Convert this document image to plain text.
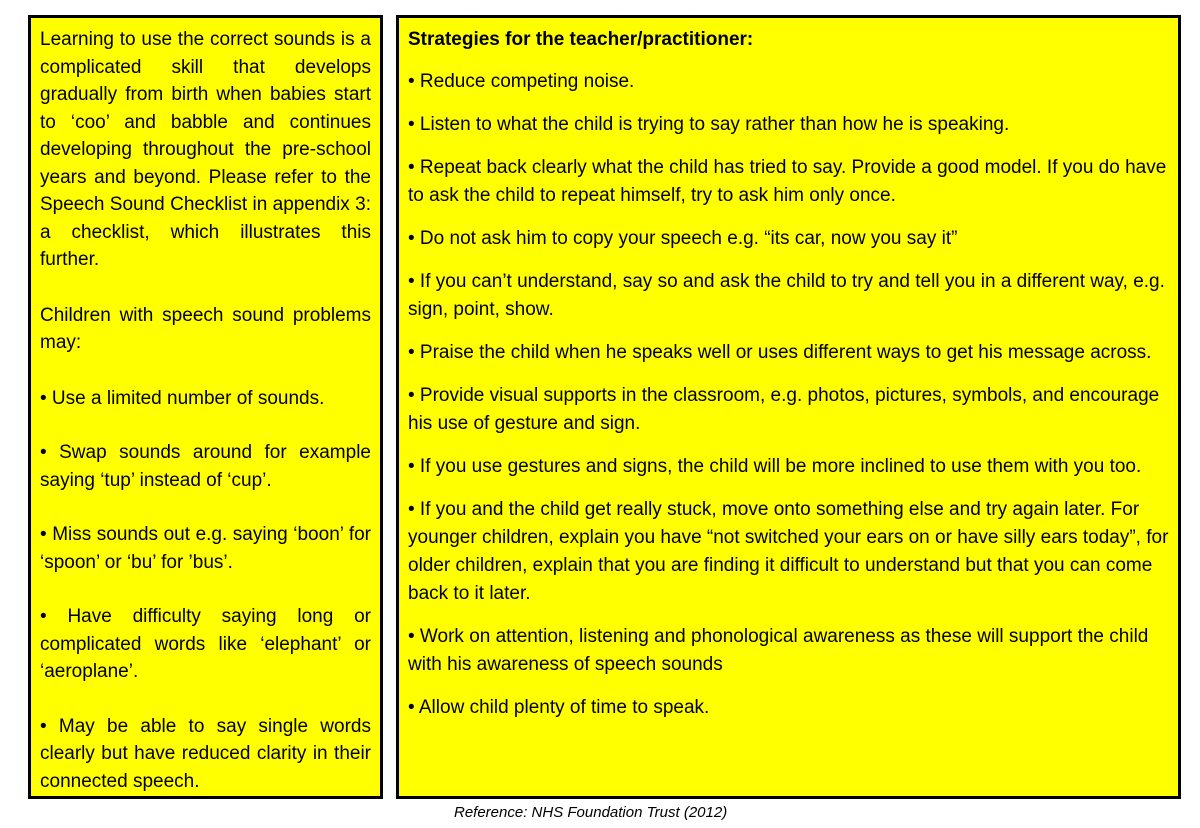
Learning to use the correct sounds is a complicated skill that develops gradually from birth when babies start to ‘coo’ and babble and continues developing throughout the pre-school years and beyond. Please refer to the Speech Sound Checklist in appendix 3: a checklist, which illustrates this further.

Children with speech sound problems may:

• Use a limited number of sounds.

• Swap sounds around for example saying ‘tup’ instead of ‘cup’.

• Miss sounds out e.g. saying ‘boon’ for ‘spoon’ or ‘bu’ for ’bus’.

• Have difficulty saying long or complicated words like ‘elephant’ or ‘aeroplane’.

• May be able to say single words clearly but have reduced clarity in their connected speech.

Strategies for the teacher/practitioner:

• Reduce competing noise.

• Listen to what the child is trying to say rather than how he is speaking.

• Repeat back clearly what the child has tried to say. Provide a good model. If you do have to ask the child to repeat himself, try to ask him only once.

• Do not ask him to copy your speech e.g. “its car, now you say it”

• If you can’t understand, say so and ask the child to try and tell you in a different way, e.g. sign, point, show.

• Praise the child when he speaks well or uses different ways to get his message across.

• Provide visual supports in the classroom, e.g. photos, pictures, symbols, and encourage his use of gesture and sign.

• If you use gestures and signs, the child will be more inclined to use them with you too.

• If you and the child get really stuck, move onto something else and try again later. For younger children, explain you have “not switched your ears on or have silly ears today”, for older children, explain that you are finding it difficult to understand but that you can come back to it later.

• Work on attention, listening and phonological awareness as these will support the child with his awareness of speech sounds

• Allow child plenty of time to speak.

Reference: NHS Foundation Trust (2012)
